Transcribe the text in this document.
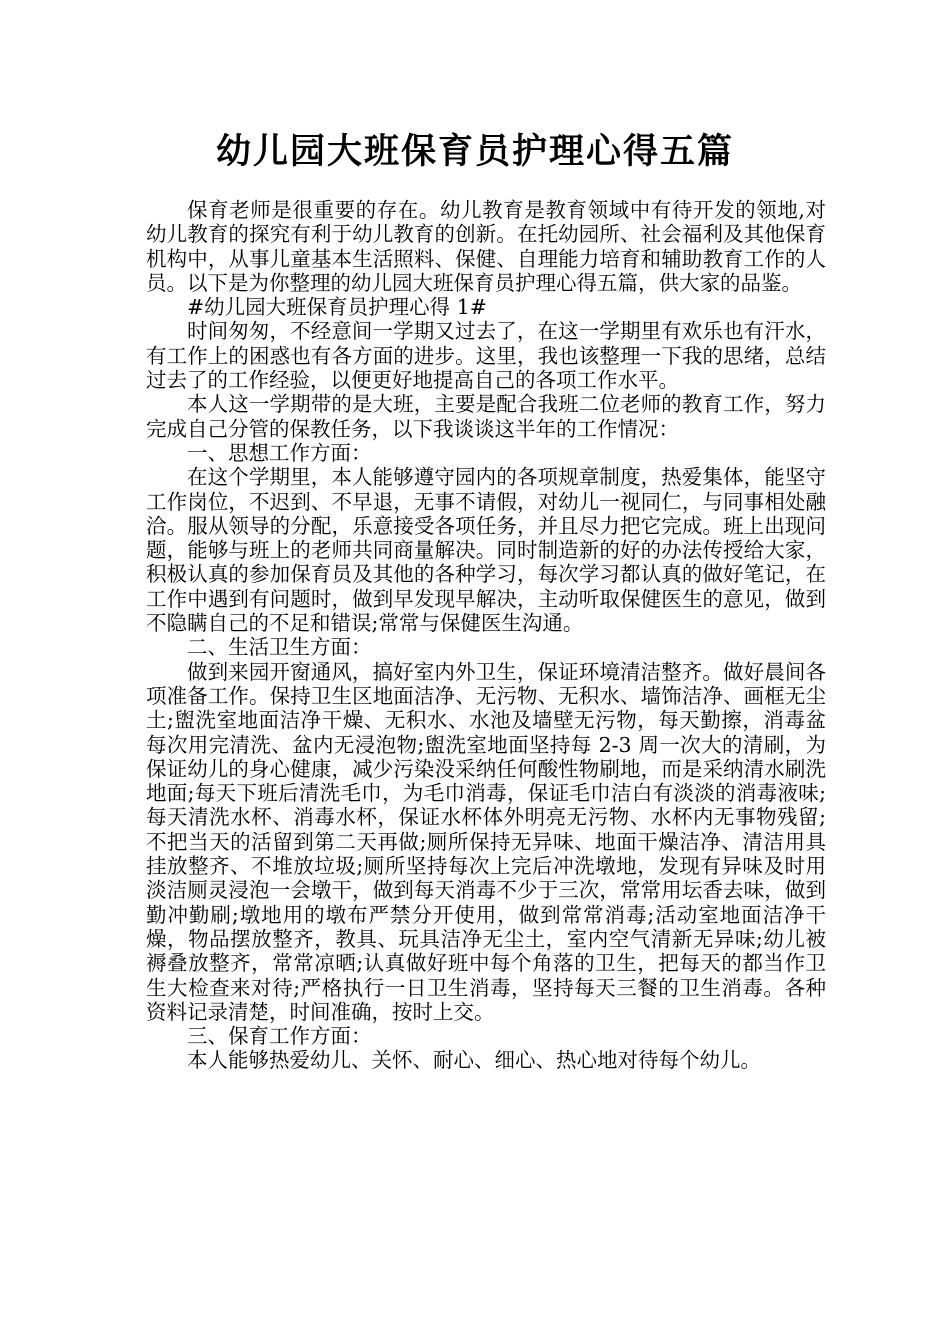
幼儿园大班保育员护理心得五篇

保育老师是很重要的存在。幼儿教育是教育领域中有待开发的领地,对幼儿教育的探究有利于幼儿教育的创新。在托幼园所、社会福利及其他保育机构中，从事儿童基本生活照料、保健、自理能力培育和辅助教育工作的人员。以下是为你整理的幼儿园大班保育员护理心得五篇，供大家的品鉴。

#幼儿园大班保育员护理心得 1#

时间匆匆，不经意间一学期又过去了，在这一学期里有欢乐也有汗水，有工作上的困惑也有各方面的进步。这里，我也该整理一下我的思绪，总结过去了的工作经验，以便更好地提高自己的各项工作水平。

本人这一学期带的是大班，主要是配合我班二位老师的教育工作，努力完成自己分管的保教任务，以下我谈谈这半年的工作情况：

一、思想工作方面：

在这个学期里，本人能够遵守园内的各项规章制度，热爱集体，能坚守工作岗位，不迟到、不早退，无事不请假，对幼儿一视同仁，与同事相处融洽。服从领导的分配，乐意接受各项任务，并且尽力把它完成。班上出现问题，能够与班上的老师共同商量解决。同时制造新的好的办法传授给大家，积极认真的参加保育员及其他的各种学习，每次学习都认真的做好笔记，在工作中遇到有问题时，做到早发现早解决，主动听取保健医生的意见，做到不隐瞒自己的不足和错误;常常与保健医生沟通。

二、生活卫生方面：

做到来园开窗通风，搞好室内外卫生，保证环境清洁整齐。做好晨间各项准备工作。保持卫生区地面洁净、无污物、无积水、墙饰洁净、画框无尘土;盥洗室地面洁净干燥、无积水、水池及墙壁无污物，每天勤擦，消毒盆每次用完清洗、盆内无浸泡物;盥洗室地面坚持每 2-3 周一次大的清刷，为保证幼儿的身心健康，减少污染没采纳任何酸性物刷地，而是采纳清水刷洗地面;每天下班后清洗毛巾，为毛巾消毒，保证毛巾洁白有淡淡的消毒液味;每天清洗水杯、消毒水杯，保证水杯体外明亮无污物、水杯内无事物残留;不把当天的活留到第二天再做;厕所保持无异味、地面干燥洁净、清洁用具挂放整齐、不堆放垃圾;厕所坚持每次上完后冲洗墩地，发现有异味及时用淡洁厕灵浸泡一会墩干，做到每天消毒不少于三次，常常用坛香去味，做到勤冲勤刷;墩地用的墩布严禁分开使用，做到常常消毒;活动室地面洁净干燥，物品摆放整齐，教具、玩具洁净无尘土，室内空气清新无异味;幼儿被褥叠放整齐，常常凉晒;认真做好班中每个角落的卫生，把每天的都当作卫生大检查来对待;严格执行一日卫生消毒，坚持每天三餐的卫生消毒。各种资料记录清楚，时间准确，按时上交。

三、保育工作方面：

本人能够热爱幼儿、关怀、耐心、细心、热心地对待每个幼儿。
